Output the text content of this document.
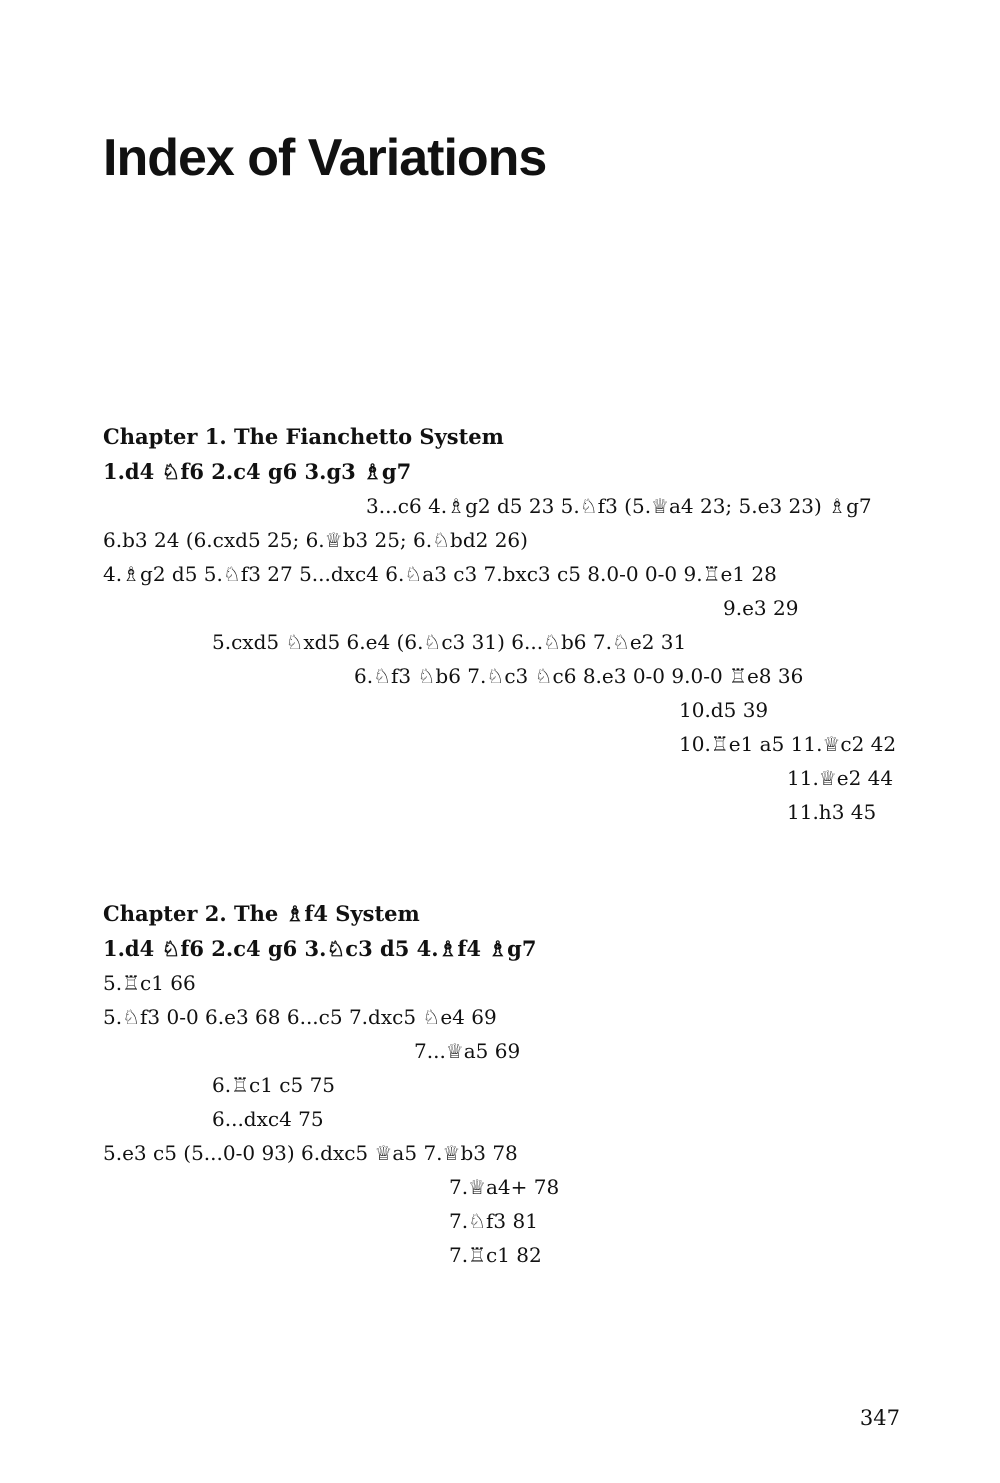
Index of Variations
Chapter 1. The Fianchetto System
1.d4 ♘f6 2.c4 g6 3.g3 ♗g7
3...c6 4.♗g2 d5 23 5.♘f3 (5.♕a4 23; 5.e3 23) ♗g7
6.b3 24 (6.cxd5 25; 6.♕b3 25; 6.♘bd2 26)
4.♗g2 d5 5.♘f3 27 5...dxc4 6.♘a3 c3 7.bxc3 c5 8.0-0 0-0 9.♖e1 28
9.e3 29
5.cxd5 ♘xd5 6.e4 (6.♘c3 31) 6...♘b6 7.♘e2 31
6.♘f3 ♘b6 7.♘c3 ♘c6 8.e3 0-0 9.0-0 ♖e8 36
10.d5 39
10.♖e1 a5 11.♕c2 42
11.♕e2 44
11.h3 45
Chapter 2. The ♗f4 System
1.d4 ♘f6 2.c4 g6 3.♘c3 d5 4.♗f4 ♗g7
5.♖c1 66
5.♘f3 0-0 6.e3 68 6...c5 7.dxc5 ♘e4 69
7...♕a5 69
6.♖c1 c5 75
6...dxc4 75
5.e3 c5 (5...0-0 93) 6.dxc5 ♕a5 7.♕b3 78
7.♕a4+ 78
7.♘f3 81
7.♖c1 82
347
